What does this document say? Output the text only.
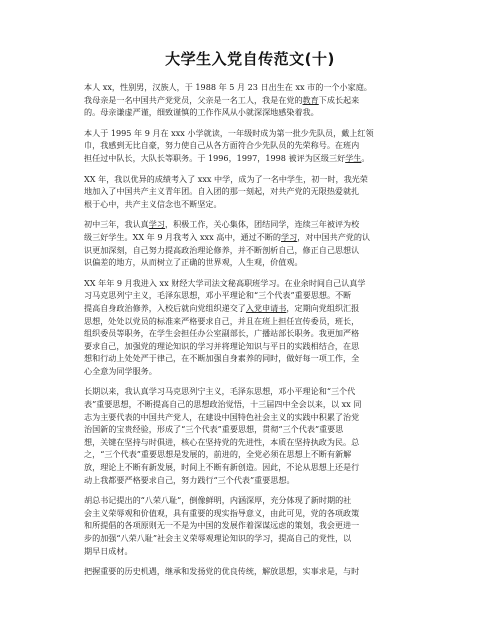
大学生入党自传范文(十)

本人 xx，性别男，汉族人，于 1988 年 5 月 23 日出生在 xx 市的一个小家庭。
我母亲是一名中国共产党党员，父亲是一名工人，我是在党的教育下成长起来
的。母亲谦虚严谨，细致谨慎的工作作风从小就深深地感染着我。

本人于 1995 年 9 月在 xxx 小学就读，一年级时成为第一批少先队员，戴上红领
巾，我感到无比自豪，努力使自己从各方面符合少先队员的先荣称号。在班内
担任过中队长，大队长等职务。于 1996，1997，1998 被评为区级三好学生。

XX 年，我以优异的成绩考入了 xxx 中学，成为了一名中学生，初一时，我光荣
地加入了中国共产主义青年团。自入团的那一刻起，对共产党的无限热爱就扎
根于心中，共产主义信念也不断坚定。

初中三年，我认真学习，积极工作，关心集体，团结同学，连续三年被评为校
级三好学生。XX 年 9 月我考入 xxx 高中，通过不断的学习，对中国共产党的认
识更加深刻，自己努力提高政治理论修养，并不断剖析自己，修正自己思想认
识偏差的地方，从而树立了正确的世界观，人生观，价值观。

XX 年年 9 月我进入 xx 财经大学司法文秘高职班学习。在业余时间自己认真学
习马克思列宁主义，毛泽东思想，邓小平理论和“三个代表”重要思想。不断
提高自身政治修养，入校后就向党组织递交了入党申请书，定期向党组织汇报
思想，处处以党员的标准来严格要求自己，并且在班上担任宣传委员，班长，
组织委员等职务，在学生会担任办公室副部长，广播站部长职务。我更加严格
要求自己，加强党的理论知识的学习并将理论知识与平日的实践相结合，在思
想和行动上处处严于律己，在不断加强自身素养的同时，做好每一项工作，全
心全意为同学服务。

长期以来，我认真学习马克思列宁主义，毛泽东思想，邓小平理论和“三个代
表”重要思想，不断提高自己的思想政治觉悟，十三届四中全会以来，以 xx 同
志为主要代表的中国共产党人，在建设中国特色社会主义的实践中积累了治党
治国新的宝贵经验，形成了“三个代表”重要思想，贯彻“三个代表”重要思
想，关键在坚持与时俱进，核心在坚持党的先进性，本质在坚持执政为民。总
之，“三个代表”重要思想是发展的，前进的，全党必须在思想上不断有新解
放，理论上不断有新发展，时间上不断有新创造。因此，不论从思想上还是行
动上我都要严格要求自己，努力践行“三个代表”重要思想。

胡总书记提出的“八荣八耻”，倒像鲜明，内涵深厚，充分体现了新时期的社
会主义荣辱观和价值观，具有重要的现实指导意义，由此可见，党的各项政策
和所提倡的各项原则无一不是为中国的发展作着深谋远虑的策划，我会更进一
步的加强“八荣八耻”社会主义荣辱观理论知识的学习，提高自己的党性，以
期早日成材。

把握重要的历史机遇，继承和发扬党的优良传统，解放思想，实事求是，与时
